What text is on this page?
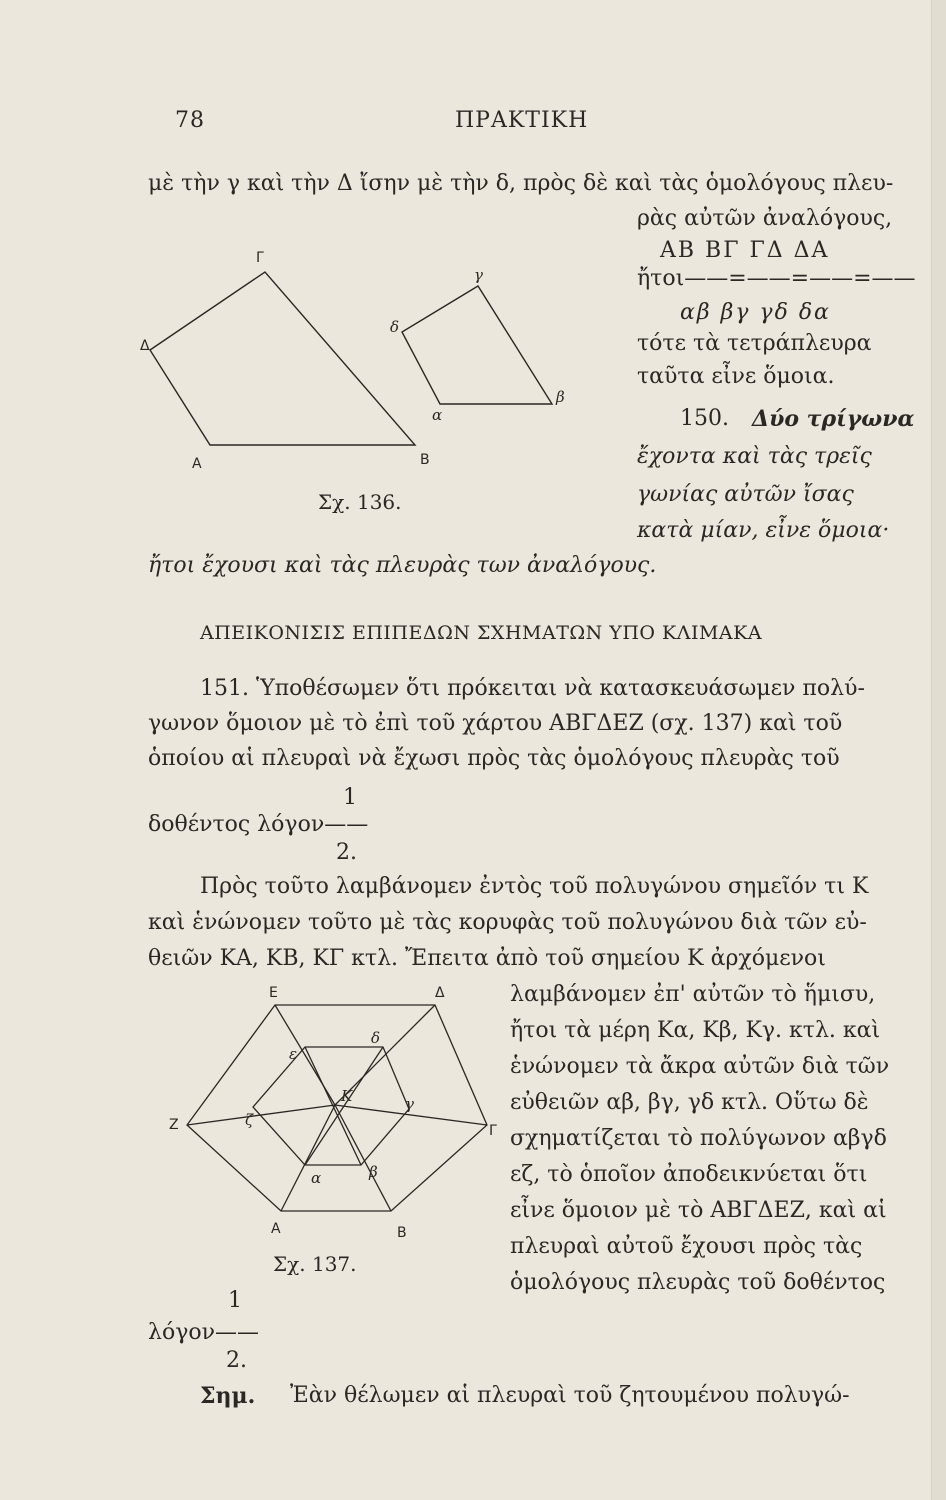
78	ΠΡΑΚΤΙΚΗ
μὲ τὴν γ καὶ τὴν Δ ἴσην μὲ τὴν δ, πρὸς δὲ καὶ τὰς ὁμολόγους πλευ-
ρὰς αὐτῶν ἀναλόγους,
ΑΒ ΒΓ ΓΔ ΔΑ
ἤτοι——=——=——=——
αβ βγ γδ δα
τότε τὰ τετράπλευρα
ταῦτα εἶνε ὅμοια.
150. Δύο τρίγωνα
ἔχοντα καὶ τὰς τρεῖς
γωνίας αὐτῶν ἴσας
κατὰ μίαν, εἶνε ὅμοια·
ἤτοι ἔχουσι καὶ τὰς πλευρὰς των ἀναλόγους.
Α	Β
Γ
Δ
α
β
γ
δ
Σχ. 136.
ΑΠΕΙΚΟΝΙΣΙΣ ΕΠΙΠΕΔΩΝ ΣΧΗΜΑΤΩΝ ΥΠΟ ΚΛΙΜΑΚΑ
151. Ὑποθέσωμεν ὅτι πρόκειται νὰ κατασκευάσωμεν πολύ-
γωνον ὅμοιον μὲ τὸ ἐπὶ τοῦ χάρτου ΑΒΓΔΕΖ (σχ. 137) καὶ τοῦ
ὁποίου αἱ πλευραὶ νὰ ἔχωσι πρὸς τὰς ὁμολόγους πλευρὰς τοῦ
1
δοθέντος λόγον——
2.
Πρὸς τοῦτο λαμβάνομεν ἐντὸς τοῦ πολυγώνου σημεῖόν τι Κ
καὶ ἑνώνομεν τοῦτο μὲ τὰς κορυφὰς τοῦ πολυγώνου διὰ τῶν εὐ-
θειῶν ΚΑ, ΚΒ, ΚΓ κτλ. Ἔπειτα ἀπὸ τοῦ σημείου Κ ἀρχόμενοι
λαμβάνομεν ἐπ' αὐτῶν τὸ ἥμισυ,
ἤτοι τὰ μέρη Κα, Κβ, Κγ. κτλ. καὶ
ἑνώνομεν τὰ ἄκρα αὐτῶν διὰ τῶν
εὐθειῶν αβ, βγ, γδ κτλ. Οὕτω δὲ
σχηματίζεται τὸ πολύγωνον αβγδ
εζ, τὸ ὁποῖον ἀποδεικνύεται ὅτι
εἶνε ὅμοιον μὲ τὸ ΑΒΓΔΕΖ, καὶ αἱ
πλευραὶ αὐτοῦ ἔχουσι πρὸς τὰς
ὁμολόγους πλευρὰς τοῦ δοθέντος
1
λόγον——
2.
Α	Β
Γ
Δ
Ε
Ζ
Κ
α	β
γ
δ
ε
ζ
Σχ. 137.
Σημ. Ἐὰν θέλωμεν αἱ πλευραὶ τοῦ ζητουμένου πολυγώ-
